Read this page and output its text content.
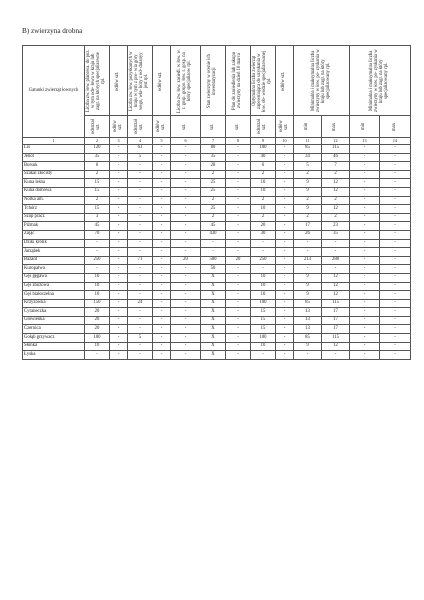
B) zwierzyna drobna
Gatunki zwierząt łownych	Liczba zw. łow. planowa. do poz. w tym ode- łowu w kraju lub zagr. na których specjalizowne rpl.	odłów szt.	Liczba zw. łow. pozyskanych w kraju w tym z pro- wia góry wego, wła- kóry z od- dulanyy jest rpl.	odłów szt.	Liczba zw. łow. zasiedl. w łow. w. r. gosp. gospo. łow. r. gosp. na który specjalizow rpl.	Stan zwierzyny w ocenie ich inwentaryzacji	Plan do zasiedlenia lub zakupu zwierzyny na dzień 10 marca	Optymalna liczba zwierząt zapewniająca do uzyskania w łow. ob- wodzie specjalizowanej rpl.	odłów szt.	Minimalna i maksymalna liczba zwierzyny w łow. po- zyskania w kraju lub zagr. na który specjalizowany rpl.		Minimalna i maksymalna liczba zwierzyny w łow. po- zyskania w kraju lub zagr. na który specjalizowany rpl.	

	odstrzał szt.	odłów szt.	odstrzał szt.	odłów szt.	szt.	szt.	szt.	odstrzał szt.	odłów szt.	min	max	min	max

1	2	3	4	5	6	7	8	9	10	11	12	13	14
Lis	120	-	63	-	-	80	-	100	-	85	115	-	-
Jenot	35	-	5	-	-	35	-	40	-	34	46	-	-
Borsuk	6	-	-	-	-	28	-	6	-	5	7	-	-
Szakal złocisty	2	-	-	-	-	2	-	2	-	2	2	-	-
Kuna leśna	15	-	-	-	-	25	-	10	-	9	12	-	-
Kuna domowa	15	-	-	-	-	25	-	10	-	9	12	-	-
Norka am.	2	-	-	-	-	2	-	2	-	2	2	-	-
Tchórz	15	-	-	-	-	25	-	10	-	9	12	-	-
Szop pracz	3	-	-	-	-	2	-	2	-	2	2	-	-
Piżmak	45	-	-	-	-	45	-	20	-	17	23	-	-
Zając	70	-	-	-	-	430	-	30	-	26	35	-	-
Dziki królik	-	-	-	-	-	-	-	-	-	-	-	-	-
Jarząbek	-	-	-	-	-	-	-	-	-	-	-	-	-
Bażant	250	-	71	-	20	500	20	250	-	213	288	-	-
Kuropatwa	-	-	-	-	-	50	-	-	-	-	-	-	-
Gęś gęgawa	10	-	-	-	-	X	-	10	-	9	12	-	-
Gęś zbożowa	10	-	-	-	-	X	-	10	-	9	12	-	-
Gęś białoczelna	10	-	-	-	-	X	-	10	-	9	12	-	-
Krzyżówka	150	-	24	-	-	X	-	100	-	85	115	-	-
Cyraneczka	20	-	-	-	-	X	-	15	-	13	17	-	-
Głowienka	20	-	-	-	-	X	-	15	-	13	17	-	-
Czernica	20	-	-	-	-	X	-	15	-	13	17	-	-
Gołąb grzywacz	100	-	5	-	-	X	-	100	-	85	115	-	-
Słonka	10	-	-	-	-	X	-	10	-	9	12	-	-
Łyska	-	-	-	-	-	X	-	-	-	-	-	-	-
